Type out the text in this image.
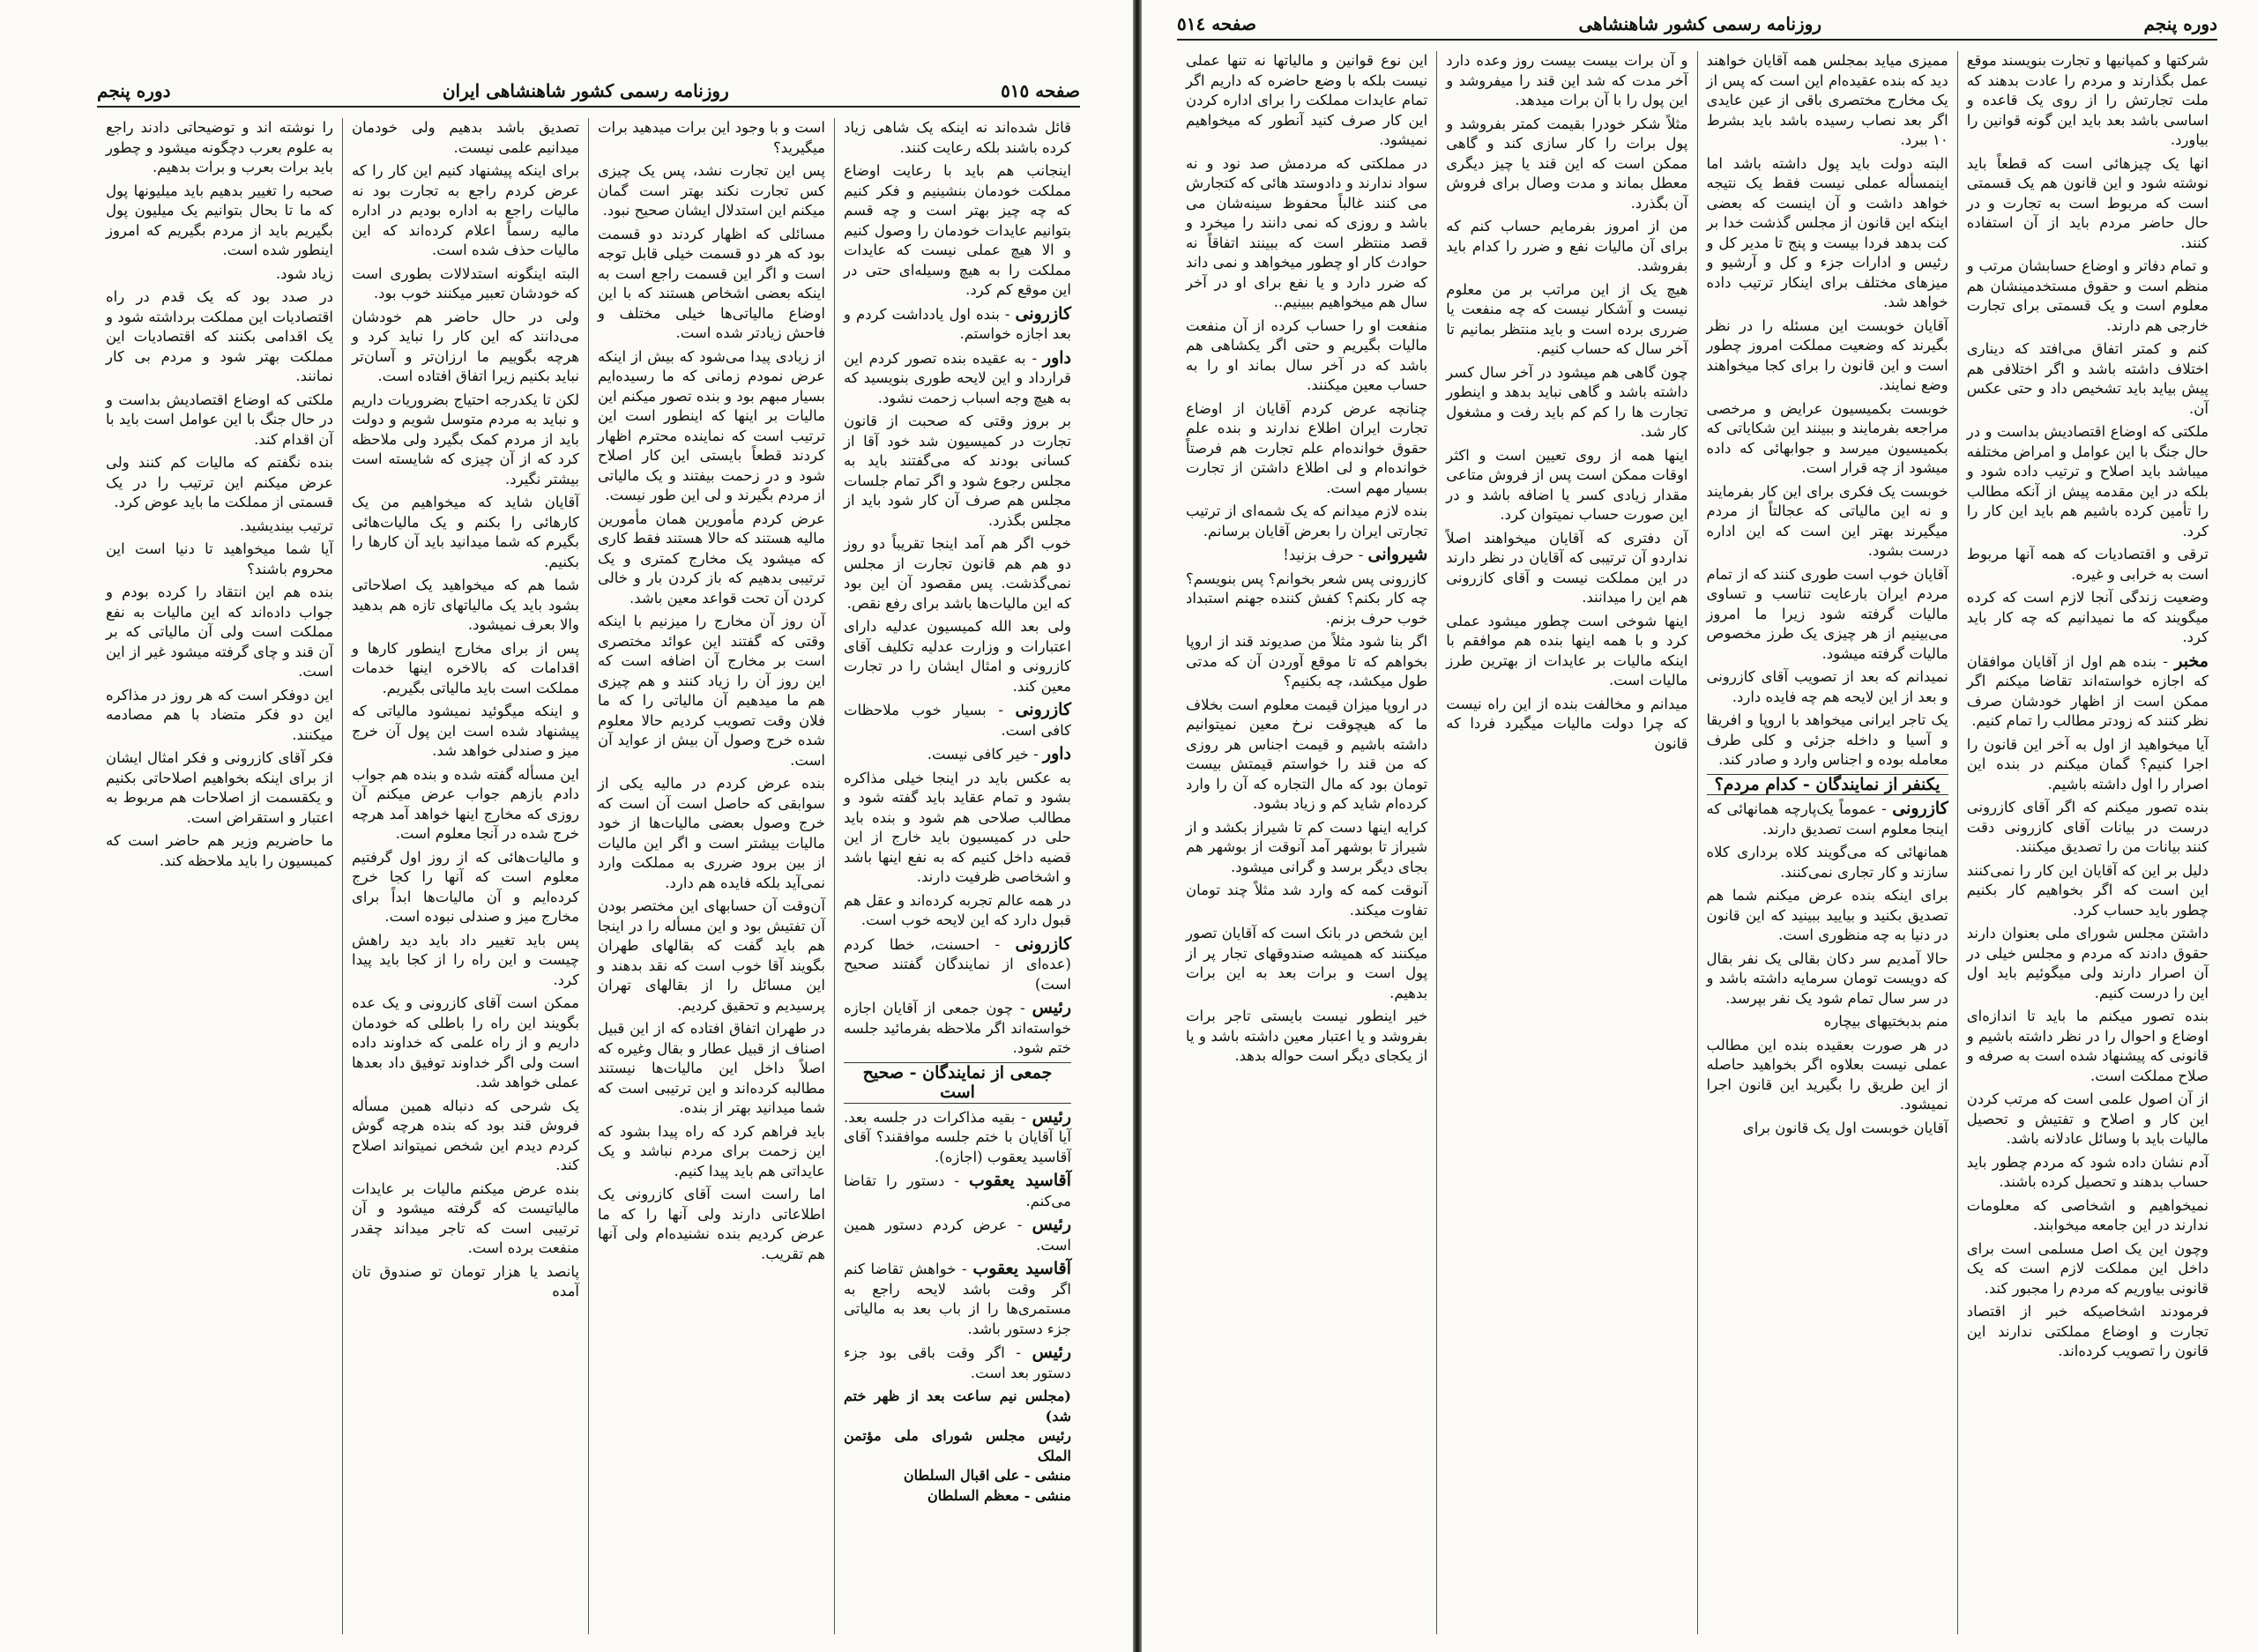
صفحه ٥١٥
روزنامه رسمی کشور شاهنشاهی ایران
دوره پنجم

قائل شده‌اند نه اینکه یک شاهی زیاد کرده باشند بلکه رعایت کنند.

اینجانب هم باید با رعایت اوضاع مملکت خودمان بنشینیم و فکر کنیم که چه چیز بهتر است و چه قسم بتوانیم عایدات خودمان را وصول کنیم و الا هیچ عملی نیست که عایدات مملکت را به هیچ وسیله‌ای حتی در این موقع کم کرد.

کازرونی - بنده اول یادداشت کردم و بعد اجازه خواستم.

داور - به عقیده بنده تصور کردم این قرارداد و این لایحه طوری بنویسید که به هیچ وجه اسباب زحمت نشود.

بر بروز وقتی که صحبت از قانون تجارت در کمیسیون شد خود آقا از کسانی بودند که می‌گفتند باید به مجلس رجوع شود و اگر تمام جلسات مجلس هم صرف آن کار شود باید از مجلس بگذرد.

خوب اگر هم آمد اینجا تقریباً دو روز دو هم هم قانون تجارت از مجلس نمی‌گذشت. پس مقصود آن این بود که این مالیات‌ها باشد برای رفع نقص.

ولی بعد الله کمیسیون عدلیه دارای اعتبارات و وزارت عدلیه تکلیف آقای کازرونی و امثال ایشان را در تجارت معین کند.

کازرونی - بسیار خوب ملاحظات کافی است.

داور - خیر کافی نیست.

به عکس باید در اینجا خیلی مذاکره بشود و تمام عقاید باید گفته شود و مطالب صلاحی هم شود و بنده باید حلی در کمیسیون باید خارج از این قضیه داخل کنیم که به نفع اینها باشد و اشخاصی ظرفیت دارند.

در همه عالم تجربه کرده‌اند و عقل هم قبول دارد که این لایحه خوب است.

کازرونی - احسنت، خطا کردم (عده‌ای از نمایندگان گفتند صحیح است)

رئیس - چون جمعی از آقایان اجازه خواسته‌اند اگر ملاحظه بفرمائید جلسه ختم شود.

جمعی از نمایندگان - صحیح است

رئیس - بقیه مذاکرات در جلسه بعد. آیا آقایان با ختم جلسه موافقند؟ آقای آقاسید یعقوب (اجازه).

آقاسید یعقوب - دستور را تقاضا می‌کنم.

رئیس - عرض کردم دستور همین است.

آقاسید یعقوب - خواهش تقاضا کنم اگر وقت باشد لایحه راجع به مستمری‌ها را از باب بعد به مالیاتی جزء دستور باشد.

رئیس - اگر وقت باقی بود جزء دستور بعد است.

(مجلس نیم ساعت بعد از ظهر ختم شد)

رئیس مجلس شورای ملی مؤتمن الملک

منشی - علی اقبال السلطان

منشی - معظم السلطان

است و با وجود این برات میدهید برات میگیرید؟

پس این تجارت نشد، پس یک چیزی کس تجارت نکند بهتر است گمان میکنم این استدلال ایشان صحیح نبود.

مسائلی که اظهار کردند دو قسمت بود که هر دو قسمت خیلی قابل توجه است و اگر این قسمت راجع است به اینکه بعضی اشخاص هستند که با این اوضاع مالیاتی‌ها خیلی مختلف و فاحش زیادتر شده است.

از زیادی پیدا می‌شود که بیش از اینکه عرض نمودم زمانی که ما رسیده‌ایم بسیار مبهم بود و بنده تصور میکنم این مالیات بر اینها که اینطور است این ترتیب است که نماینده محترم اظهار کردند قطعاً بایستی این کار اصلاح شود و در زحمت بیفتند و یک مالیاتی از مردم بگیرند و لی این طور نیست.

عرض کردم مأمورین همان مأمورین مالیه هستند که حالا هستند فقط کاری که میشود یک مخارج کمتری و یک ترتیبی بدهیم که باز کردن بار و خالی کردن آن تحت قواعد معین باشد.

آن روز آن مخارج را میزنیم با اینکه وقتی که گفتند این عوائد مختصری است بر مخارج آن اضافه است که این روز آن را زیاد کنند و هم چیزی هم ما میدهیم آن مالیاتی را که ما فلان وقت تصویب کردیم حالا معلوم شده خرج وصول آن بیش از عواید آن است.

بنده عرض کردم در مالیه یکی از سوابقی که حاصل است آن است که خرج وصول بعضی مالیات‌ها از خود مالیات بیشتر است و اگر این مالیات از بین برود ضرری به مملکت وارد نمی‌آید بلکه فایده هم دارد.

آن‌وقت آن حسابهای این مختصر بودن آن تفتیش بود و این مسأله را در اینجا هم باید گفت که بقالهای طهران بگویند آقا خوب است که نقد بدهند و این مسائل را از بقالهای تهران پرسیدیم و تحقیق کردیم.

در طهران اتفاق افتاده که از این قبیل اصناف از قبیل عطار و بقال وغیره که اصلاً داخل این مالیات‌ها نیستند مطالبه کرده‌اند و این ترتیبی است که شما میدانید بهتر از بنده.

باید فراهم کرد که راه پیدا بشود که این زحمت برای مردم نباشد و یک عایداتی هم باید پیدا کنیم.

اما راست است آقای کازرونی یک اطلاعاتی دارند ولی آنها را که ما عرض کردیم بنده نشنیده‌ام ولی آنها هم تقریب.

تصدیق باشد بدهیم ولی خودمان میدانیم علمی نیست.

برای اینکه پیشنهاد کنیم این کار را که عرض کردم راجع به تجارت بود نه مالیات راجع به اداره بودیم در اداره مالیه رسماً اعلام کرده‌اند که این مالیات حذف شده است.

البته اینگونه استدلالات بطوری است که خودشان تعبیر میکنند خوب بود.

ولی در حال حاضر هم خودشان می‌دانند که این کار را نباید کرد و هرچه بگوییم ما ارزان‌تر و آسان‌تر نباید بکنیم زیرا اتفاق افتاده است.

لکن تا یکدرجه احتیاج بضروریات داریم و نباید به مردم متوسل شویم و دولت باید از مردم کمک بگیرد ولی ملاحظه کرد که از آن چیزی که شایسته است بیشتر نگیرد.

آقایان شاید که میخواهیم من یک کارهائی را بکنم و یک مالیات‌هائی بگیرم که شما میدانید باید آن کارها را بکنیم.

شما هم که میخواهید یک اصلاحاتی بشود باید یک مالیاتهای تازه هم بدهید والا بعرف نمیشود.

پس از برای مخارج اینطور کارها و اقدامات که بالاخره اینها خدمات مملکت است باید مالیاتی بگیریم.

و اینکه میگوئید نمیشود مالیاتی که پیشنهاد شده است این پول آن خرج میز و صندلی خواهد شد.

این مسأله گفته شده و بنده هم جواب دادم بازهم جواب عرض میکنم آن روزی که مخارج اینها خواهد آمد هرچه خرج شده در آنجا معلوم است.

و مالیات‌هائی که از روز اول گرفتیم معلوم است که آنها را کجا خرج کرده‌ایم و آن مالیات‌ها ابداً برای مخارج میز و صندلی نبوده است.

پس باید تغییر داد باید دید راهش چیست و این راه را از کجا باید پیدا کرد.

ممکن است آقای کازرونی و یک عده بگویند این راه را باطلی که خودمان داریم و از راه علمی که خداوند داده است ولی اگر خداوند توفیق داد بعدها عملی خواهد شد.

یک شرحی که دنباله همین مسأله فروش قند بود که بنده هرچه گوش کردم دیدم این شخص نمیتواند اصلاح کند.

بنده عرض میکنم مالیات بر عایدات مالیاتیست که گرفته میشود و آن ترتیبی است که تاجر میداند چقدر منفعت برده است.

پانصد یا هزار تومان تو صندوق تان آمده

را نوشته اند و توضیحاتی دادند راجع به علوم بعرب دچگونه میشود و چطور باید برات بعرب و برات بدهیم.

صحبه را تغییر بدهیم باید میلیونها پول که ما تا بحال بتوانیم یک میلیون پول بگیریم باید از مردم بگیریم که امروز اینطور شده است.

زیاد شود.

در صدد بود که یک قدم در راه اقتصادیات این مملکت برداشته شود و یک اقدامی بکنند که اقتصادیات این مملکت بهتر شود و مردم بی کار نمانند.

ملکتی که اوضاع اقتصادیش بداست و در حال جنگ با این عوامل است باید با آن اقدام کند.

بنده نگفتم که مالیات کم کنند ولی عرض میکنم این ترتیب را در یک قسمتی از مملکت ما باید عوض کرد.

ترتیب بیندیشید.

آیا شما میخواهید تا دنیا است این محروم باشند؟

بنده هم این انتقاد را کرده بودم و جواب داده‌اند که این مالیات به نفع مملکت است ولی آن مالیاتی که بر آن قند و چای گرفته میشود غیر از این است.

این دوفکر است که هر روز در مذاکره این دو فکر متضاد با هم مصادمه میکنند.

فکر آقای کازرونی و فکر امثال ایشان از برای اینکه بخواهیم اصلاحاتی بکنیم و یکقسمت از اصلاحات هم مربوط به اعتبار و استقراض است.

ما حاضریم وزیر هم حاضر است که کمیسیون را باید ملاحظه کند.

دوره پنجم
روزنامه رسمی کشور شاهنشاهی
صفحه ٥١٤

شرکتها و کمپانیها و تجارت بنویسند موقع عمل بگذارند و مردم را عادت بدهند که ملت تجارتش را از روی یک قاعده و اساسی باشد بعد باید این گونه قوانین را بیاورد.

انها یک چیزهائی است که قطعاً باید نوشته شود و این قانون هم یک قسمتی است که مربوط است به تجارت و در حال حاضر مردم باید از آن استفاده کنند.

و تمام دفاتر و اوضاع حسابشان مرتب و منظم است و حقوق مستخدمینشان هم معلوم است و یک قسمتی برای تجارت خارجی هم دارند.

کنم و کمتر اتفاق می‌افتد که دیناری اختلاف داشته باشد و اگر اختلافی هم پیش بیاید باید تشخیص داد و حتی عکس آن.

ملکتی که اوضاع اقتصادیش بداست و در حال جنگ با این عوامل و امراض مختلفه میباشد باید اصلاح و ترتیب داده شود و بلکه در این مقدمه پیش از آنکه مطالب را تأمین کرده باشیم هم باید این کار را کرد.

ترقی و اقتصادیات که همه آنها مربوط است به خرابی و غیره.

وضعیت زندگی آنجا لازم است که کرده میگویند که ما نمیدانیم که چه کار باید کرد.

مخبر - بنده هم اول از آقایان موافقان که اجازه خواسته‌اند تقاضا میکنم اگر ممکن است از اظهار خودشان صرف نظر کنند که زودتر مطالب را تمام کنیم.

آیا میخواهید از اول به آخر این قانون را اجرا کنیم؟ گمان میکنم در بنده این اصرار را اول داشته باشیم.

بنده تصور میکنم که اگر آقای کازرونی درست در بیانات آقای کازرونی دقت کنند بیانات من را تصدیق میکنند.

دلیل بر این که آقایان این کار را نمی‌کنند این است که اگر بخواهیم کار بکنیم چطور باید حساب کرد.

داشتن مجلس شورای ملی بعنوان دارند حقوق دادند که مردم و مجلس خیلی در آن اصرار دارند ولی میگوئیم باید اول این را درست کنیم.

بنده تصور میکنم ما باید تا اندازه‌ای اوضاع و احوال را در نظر داشته باشیم و قانونی که پیشنهاد شده است به صرفه و صلاح مملکت است.

از آن اصول علمی است که مرتب کردن این کار و اصلاح و تفتیش و تحصیل مالیات باید با وسائل عادلانه باشد.

آدم نشان داده شود که مردم چطور باید حساب بدهند و تحصیل کرده باشند.

نمیخواهیم و اشخاصی که معلومات ندارند در این جامعه میخوابند.

وچون این یک اصل مسلمی است برای داخل این مملکت لازم است که یک قانونی بیاوریم که مردم را مجبور کند.

فرمودند اشخاصیکه خبر از اقتصاد تجارت و اوضاع مملکتی ندارند این قانون را تصویب کرده‌اند.

ممیزی میاید بمجلس همه آقایان خواهند دید که بنده عقیده‌ام این است که پس از یک مخارج مختصری باقی از عین عایدی اگر بعد نصاب رسیده باشد باید بشرط ۱۰ ببرد.

البته دولت باید پول داشته باشد اما اینمسأله عملی نیست فقط یک نتیجه خواهد داشت و آن اینست که بعضی اینکه این قانون از مجلس گذشت خدا بر کت بدهد فردا بیست و پنج تا مدیر کل و رئیس و ادارات جزء و کل و آرشیو و میزهای مختلف برای اینکار ترتیب داده خواهد شد.

آقایان خوبست این مسئله را در نظر بگیرند که وضعیت مملکت امروز چطور است و این قانون را برای کجا میخواهند وضع نمایند.

خوبست بکمیسیون عرایض و مرخصی مراجعه بفرمایند و ببینند این شکایاتی که بکمیسیون میرسد و جوابهائی که داده میشود از چه قرار است.

خوبست یک فکری برای این کار بفرمایند و نه این مالیاتی که عجالتاً از مردم میگیرند بهتر این است که این اداره درست بشود.

آقایان خوب است طوری کنند که از تمام مردم ایران بارعایت تناسب و تساوی مالیات گرفته شود زیرا ما امروز می‌بینیم از هر چیزی یک طرز مخصوص مالیات گرفته میشود.

نمیدانم که بعد از تصویب آقای کازرونی و بعد از این لایحه هم چه فایده دارد.

یک تاجر ایرانی میخواهد با اروپا و افریقا و آسیا و داخله جزئی و کلی طرف معامله بوده و اجناس وارد و صادر کند.

یکنفر از نمایندگان - کدام مردم؟

کازرونی - عموماً یک‌پارچه همانهائی که اینجا معلوم است تصدیق دارند.

همانهائی که می‌گویند کلاه برداری کلاه سازند و کار تجاری نمی‌کنند.

برای اینکه بنده عرض میکنم شما هم تصدیق بکنید و بیایید ببینید که این قانون در دنیا به چه منظوری است.

حالا آمدیم سر دکان بقالی یک نفر بقال که دویست تومان سرمایه داشته باشد و در سر سال تمام شود یک نفر بپرسد.

منم بدبختیهای بیچاره

در هر صورت بعقیده بنده این مطالب عملی نیست بعلاوه اگر بخواهید حاصله از این طریق را بگیرید این قانون اجرا نمیشود.

آقایان خوبست اول یک قانون برای

و آن برات بیست بیست روز وعده دارد آخر مدت که شد این قند را میفروشد و این پول را با آن برات میدهد.

مثلاً شکر خودرا بقیمت کمتر بفروشد و پول برات را کار سازی کند و گاهی ممکن است که این قند یا چیز دیگری معطل بماند و مدت وصال برای فروش آن بگذرد.

من از امروز بفرمایم حساب کنم که برای آن مالیات نفع و ضرر را کدام باید بفروشد.

هیچ یک از این مراتب بر من معلوم نیست و آشکار نیست که چه منفعت یا ضرری برده است و باید منتظر بمانیم تا آخر سال که حساب کنیم.

چون گاهی هم میشود در آخر سال کسر داشته باشد و گاهی نباید بدهد و اینطور تجارت ها را کم کم باید رفت و مشغول کار شد.

اینها همه از روی تعیین است و اکثر اوقات ممکن است پس از فروش متاعی مقدار زیادی کسر یا اضافه باشد و در این صورت حساب نمیتوان کرد.

آن دفتری که آقایان میخواهند اصلاً نداردو آن ترتیبی که آقایان در نظر دارند در این مملکت نیست و آقای کازرونی هم این را میدانند.

اینها شوخی است چطور میشود عملی کرد و با همه اینها بنده هم موافقم با اینکه مالیات بر عایدات از بهترین طرز مالیات است.

میدانم و مخالفت بنده از این راه نیست که چرا دولت مالیات میگیرد فردا که قانون

این نوع قوانین و مالیاتها نه تنها عملی نیست بلکه با وضع حاضره که داریم اگر تمام عایدات مملکت را برای اداره کردن این کار صرف کنید آنطور که میخواهیم نمیشود.

در مملکتی که مردمش صد نود و نه سواد ندارند و دادوستد هائی که کتجارش می کنند غالباً محفوظ سینه‌شان می باشد و روزی که نمی دانند را میخرد و قصد منتظر است که ببینند اتفاقاً نه حوادث کار او چطور میخواهد و نمی داند که ضرر دارد و یا نفع برای او در آخر سال هم میخواهیم ببینیم..

منفعت او را حساب کرده از آن منفعت مالیات بگیریم و حتی اگر یکشاهی هم باشد که در آخر سال بماند او را به حساب معین میکنند.

چنانچه عرض کردم آقایان از اوضاع تجارت ایران اطلاع ندارند و بنده علم حقوق خوانده‌ام علم تجارت هم فرصتاً خوانده‌ام و لی اطلاع داشتن از تجارت بسیار مهم است.

بنده لازم میدانم که یک شمه‌ای از ترتیب تجارتی ایران را بعرض آقایان برسانم.

شیروانی - حرف بزنید!

کازرونی پس شعر بخوانم؟ پس بنویسم؟ چه کار بکنم؟ کفش کننده جهنم استبداد خوب حرف بزنم.

اگر بنا شود مثلاً من صدیوند قند از اروپا بخواهم که تا موقع آوردن آن که مدتی طول میکشد، چه بکنیم؟

در اروپا میزان قیمت معلوم است بخلاف ما که هیچوقت نرخ معین نمیتوانیم داشته باشیم و قیمت اجناس هر روزی که من قند را خواستم قیمتش بیست تومان بود که مال التجاره که آن را وارد کرده‌ام شاید کم و زیاد بشود.

کرایه اینها دست کم تا شیراز بکشد و از شیراز تا بوشهر آمد آنوقت از بوشهر هم بجای دیگر برسد و گرانی میشود.

آنوقت کمه که وارد شد مثلاً چند تومان تفاوت میکند.

این شخص در بانک است که آقایان تصور میکنند که همیشه صندوقهای تجار پر از پول است و برات بعد به این برات بدهیم.

خیر اینطور نیست بایستی تاجر برات بفروشد و یا اعتبار معین داشته باشد و یا از یکجای دیگر است حواله بدهد.
